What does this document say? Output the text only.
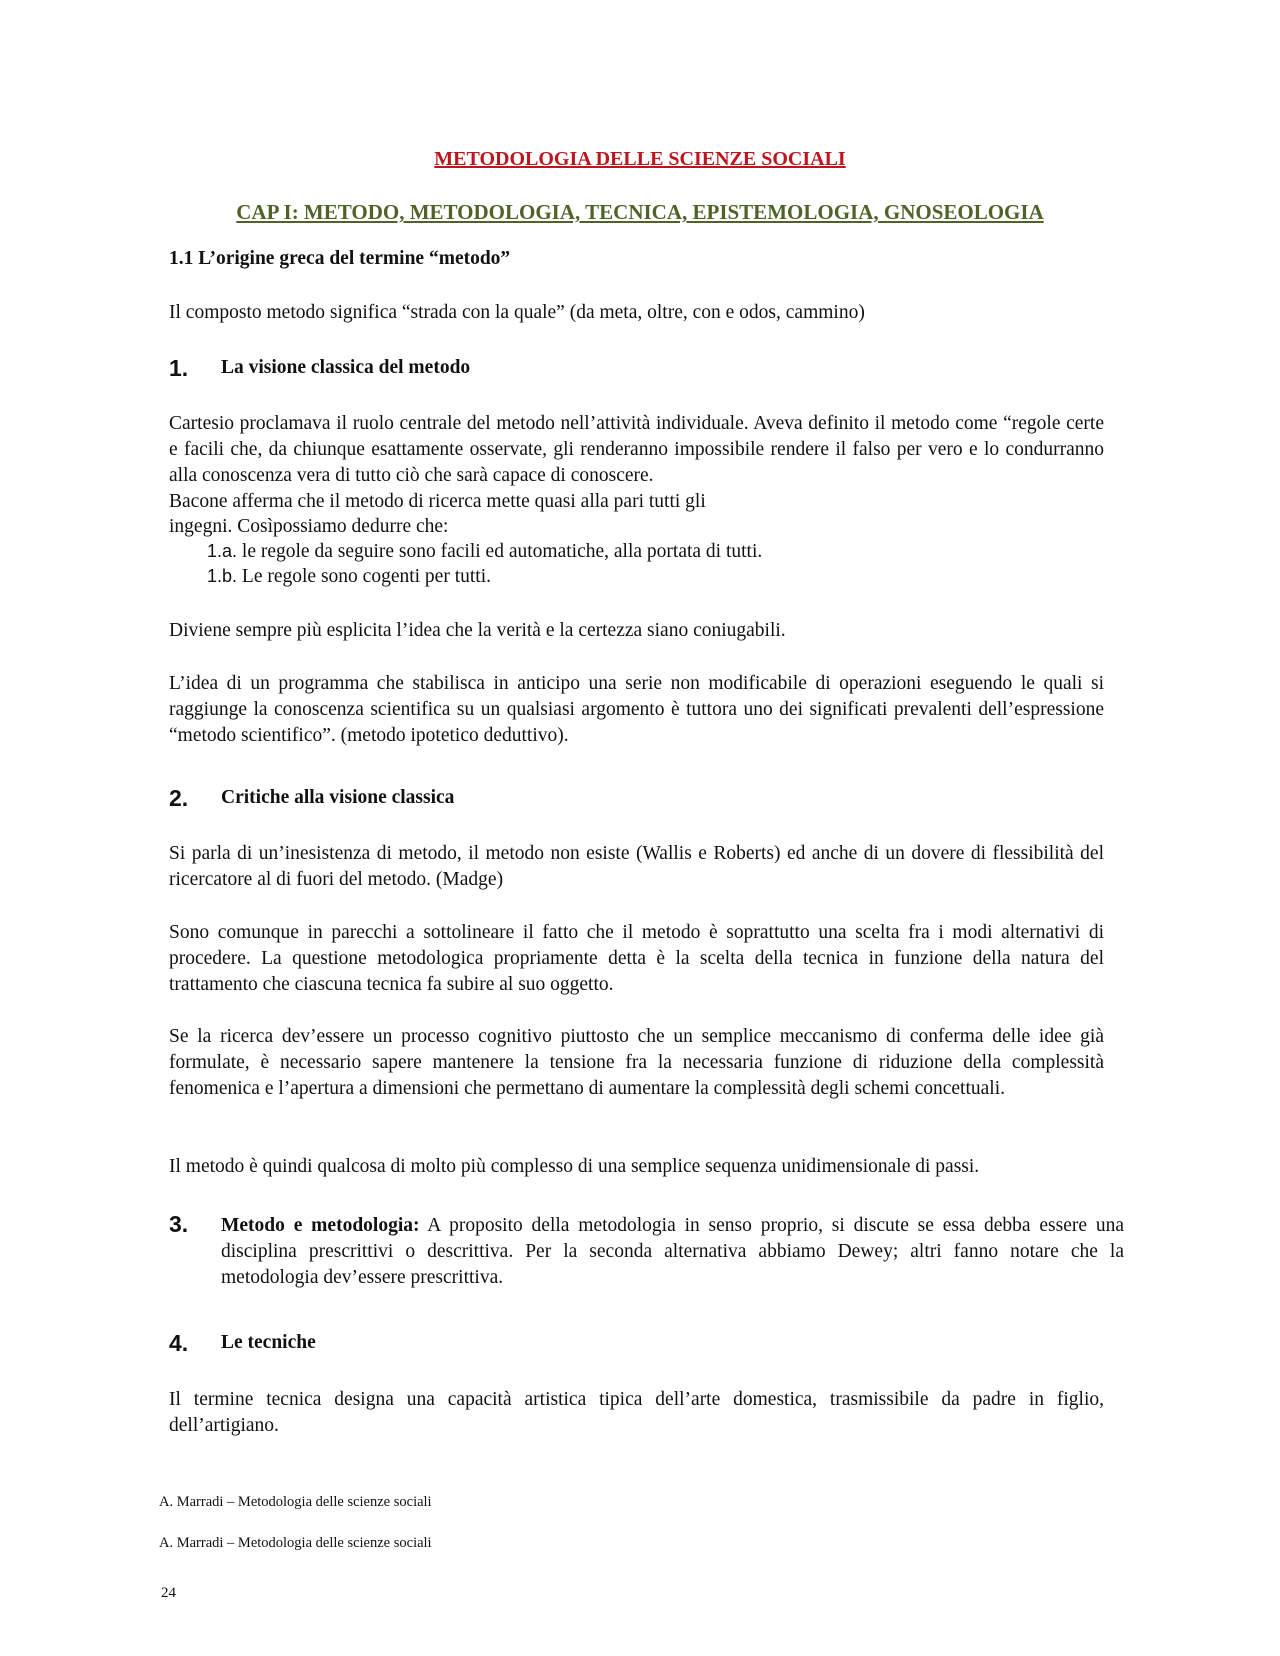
METODOLOGIA DELLE SCIENZE SOCIALI
CAP I: METODO, METODOLOGIA, TECNICA, EPISTEMOLOGIA, GNOSEOLOGIA
1.1 L’origine greca del termine “metodo”
Il composto metodo significa “strada con la quale” (da meta, oltre, con e odos, cammino)
1. La visione classica del metodo
Cartesio proclamava il ruolo centrale del metodo nell’attività individuale. Aveva definito il metodo come “regole certe e facili che, da chiunque esattamente osservate, gli renderanno impossibile rendere il falso per vero e lo condurranno alla conoscenza vera di tutto ciò che sarà capace di conoscere.
Bacone afferma che il metodo di ricerca mette quasi alla pari tutti gli
ingegni. Cosìpossiamo dedurre che:
1.a. le regole da seguire sono facili ed automatiche, alla portata di tutti.
1.b. Le regole sono cogenti per tutti.
Diviene sempre più esplicita l’idea che la verità e la certezza siano coniugabili.
L’idea di un programma che stabilisca in anticipo una serie non modificabile di operazioni eseguendo le quali si raggiunge la conoscenza scientifica su un qualsiasi argomento è tuttora uno dei significati prevalenti dell’espressione “metodo scientifico”. (metodo ipotetico deduttivo).
2. Critiche alla visione classica
Si parla di un’inesistenza di metodo, il metodo non esiste (Wallis e Roberts) ed anche di un dovere di flessibilità del ricercatore al di fuori del metodo. (Madge)
Sono comunque in parecchi a sottolineare il fatto che il metodo è soprattutto una scelta fra i modi alternativi di procedere. La questione metodologica propriamente detta è la scelta della tecnica in funzione della natura del trattamento che ciascuna tecnica fa subire al suo oggetto.
Se la ricerca dev’essere un processo cognitivo piuttosto che un semplice meccanismo di conferma delle idee già formulate, è necessario sapere mantenere la tensione fra la necessaria funzione di riduzione della complessità fenomenica e l’apertura a dimensioni che permettano di aumentare la complessità degli schemi concettuali.
Il metodo è quindi qualcosa di molto più complesso di una semplice sequenza unidimensionale di passi.
3. Metodo e metodologia: A proposito della metodologia in senso proprio, si discute se essa debba essere una disciplina prescrittivi o descrittiva. Per la seconda alternativa abbiamo Dewey; altri fanno notare che la metodologia dev’essere prescrittiva.
4. Le tecniche
Il termine tecnica designa una capacità artistica tipica dell’arte domestica, trasmissibile da padre in figlio, dell’artigiano.
A. Marradi – Metodologia delle scienze sociali
A. Marradi – Metodologia delle scienze sociali
24
